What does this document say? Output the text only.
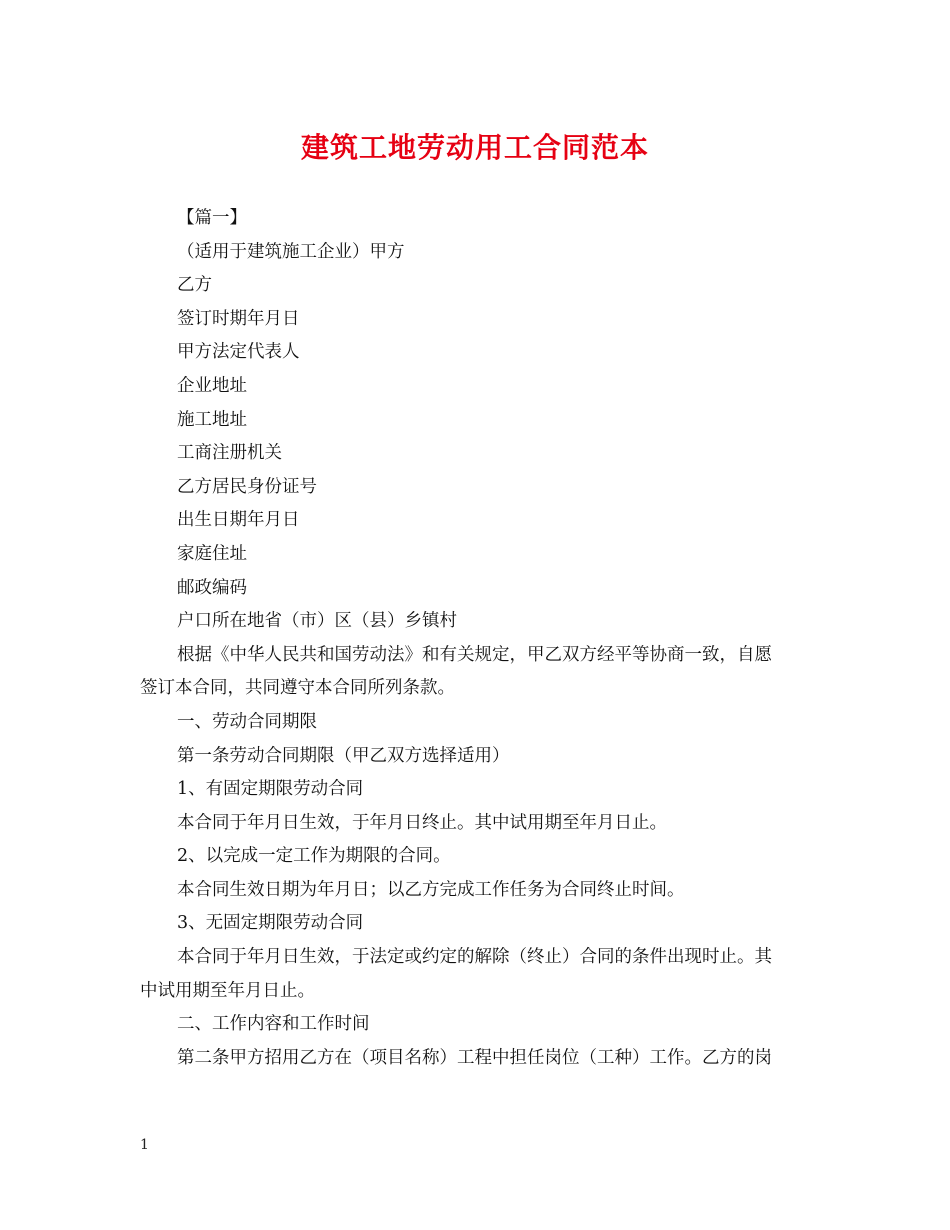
建筑工地劳动用工合同范本
【篇一】
（适用于建筑施工企业）甲方
乙方
签订时期年月日
甲方法定代表人
企业地址
施工地址
工商注册机关
乙方居民身份证号
出生日期年月日
家庭住址
邮政编码
户口所在地省（市）区（县）乡镇村
根据《中华人民共和国劳动法》和有关规定，甲乙双方经平等协商一致，自愿
签订本合同，共同遵守本合同所列条款。
一、劳动合同期限
第一条劳动合同期限（甲乙双方选择适用）
1、有固定期限劳动合同
本合同于年月日生效，于年月日终止。其中试用期至年月日止。
2、以完成一定工作为期限的合同。
本合同生效日期为年月日；以乙方完成工作任务为合同终止时间。
3、无固定期限劳动合同
本合同于年月日生效，于法定或约定的解除（终止）合同的条件出现时止。其
中试用期至年月日止。
二、工作内容和工作时间
第二条甲方招用乙方在（项目名称）工程中担任岗位（工种）工作。乙方的岗
1
